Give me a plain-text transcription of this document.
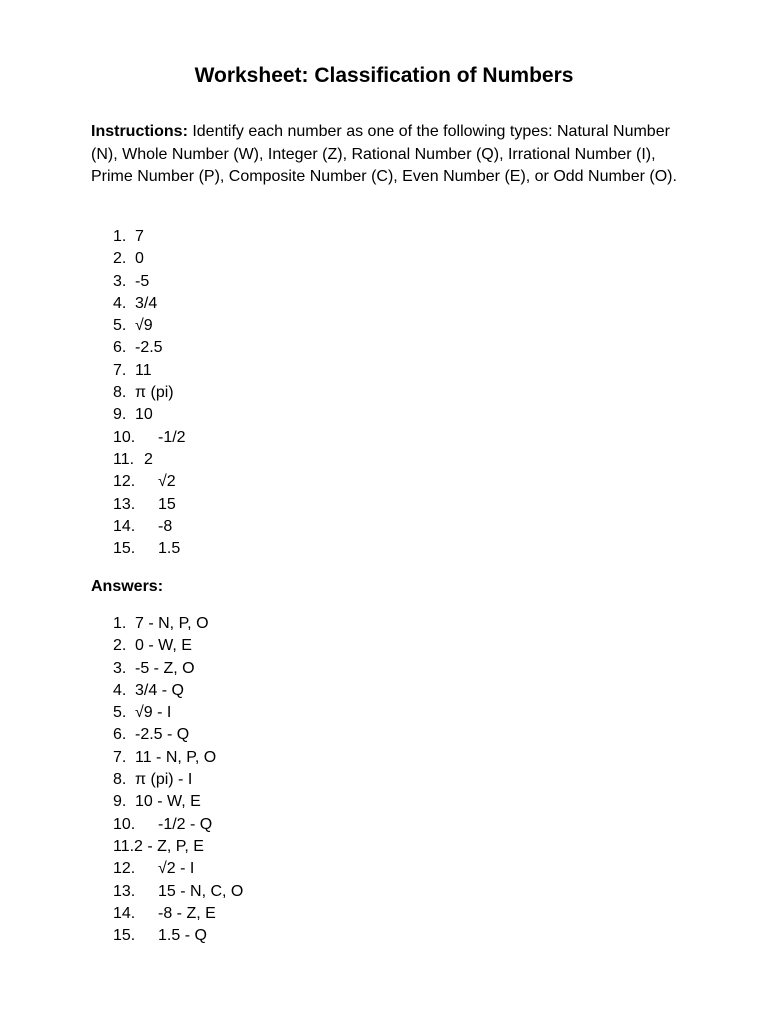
Worksheet: Classification of Numbers

Instructions: Identify each number as one of the following types: Natural Number (N), Whole Number (W), Integer (Z), Rational Number (Q), Irrational Number (I), Prime Number (P), Composite Number (C), Even Number (E), or Odd Number (O).

1. 7
2. 0
3. -5
4. 3/4
5. √9
6. -2.5
7. 11
8. π (pi)
9. 10
10. -1/2
11. 2
12. √2
13. 15
14. -8
15. 1.5
Answers:
1. 7 - N, P, O
2. 0 - W, E
3. -5 - Z, O
4. 3/4 - Q
5. √9 - I
6. -2.5 - Q
7. 11 - N, P, O
8. π (pi) - I
9. 10 - W, E
10. -1/2 - Q
11. 2 - Z, P, E
12. √2 - I
13. 15 - N, C, O
14. -8 - Z, E
15. 1.5 - Q
